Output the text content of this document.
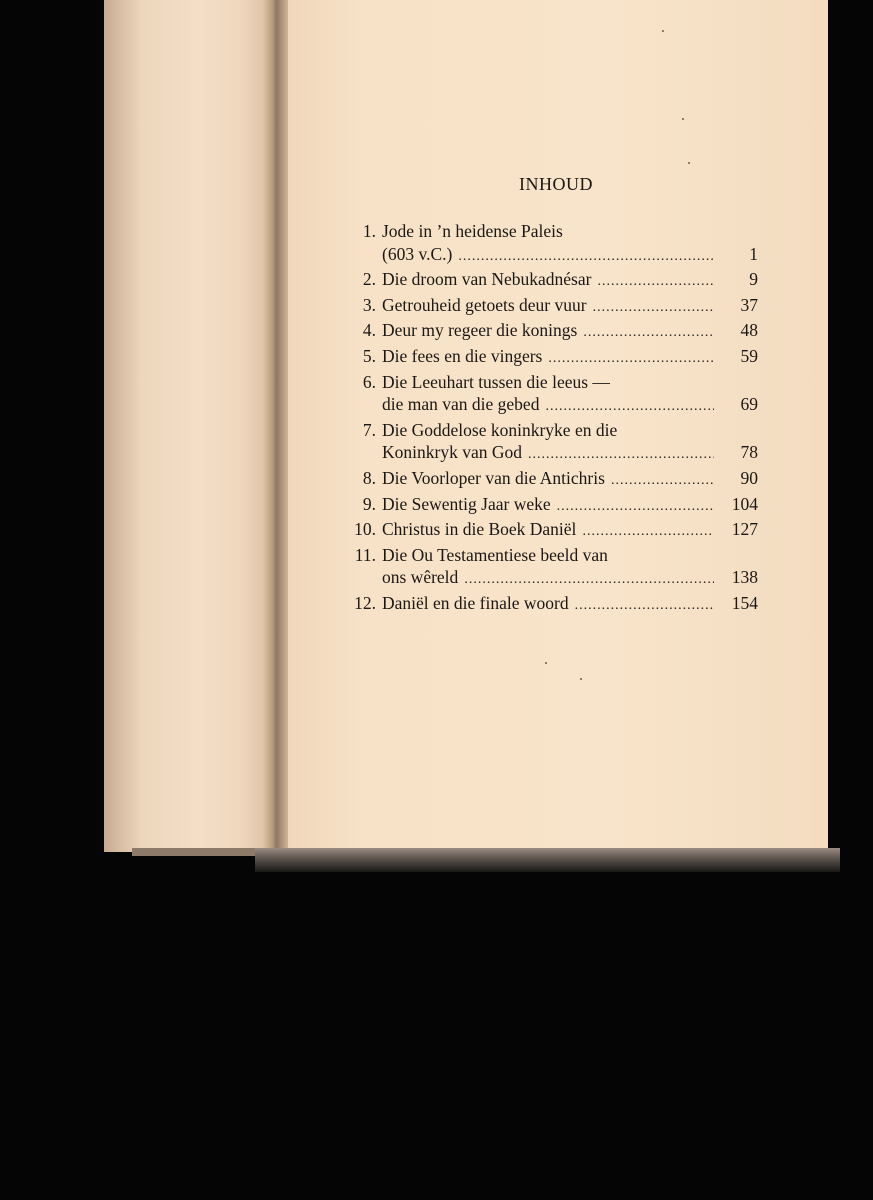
INHOUD
1. Jode in ’n heidense Paleis
(603 v.C.) .....	1
2. Die droom van Nebukadnésar .....	9
3. Getrouheid getoets deur vuur .....	37
4. Deur my regeer die konings .....	48
5. Die fees en die vingers .....	59
6. Die Leeuhart tussen die leeus —
die man van die gebed .....	69
7. Die Goddelose koninkryke en die
Koninkryk van God .....	78
8. Die Voorloper van die Antichris .....	90
9. Die Sewentig Jaar weke .....	104
10. Christus in die Boek Daniël .....	127
11. Die Ou Testamentiese beeld van
ons wêreld .....	138
12. Daniël en die finale woord .....	154
